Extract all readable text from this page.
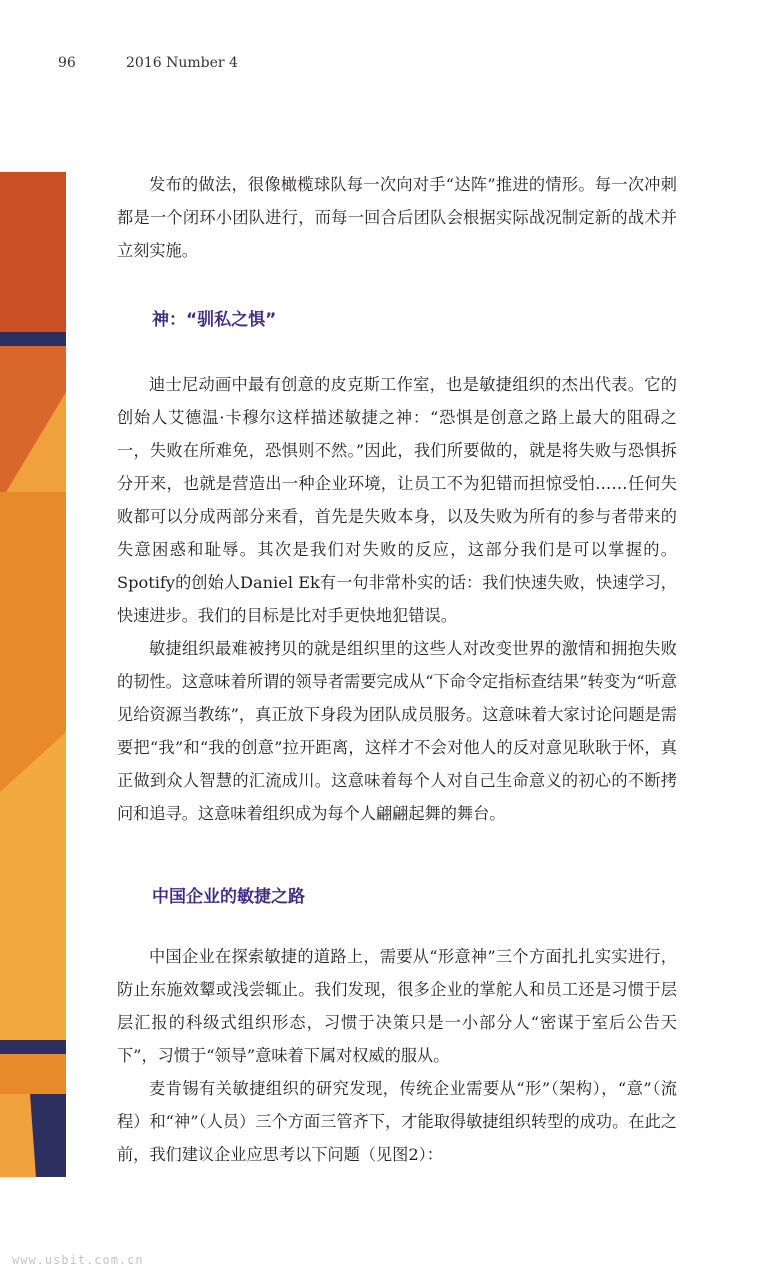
96	2016 Number 4

发布的做法，很像橄榄球队每一次向对手“达阵”推进的情形。每一次冲刺都是一个闭环小团队进行，而每一回合后团队会根据实际战况制定新的战术并立刻实施。

神：“驯私之惧”

迪士尼动画中最有创意的皮克斯工作室，也是敏捷组织的杰出代表。它的创始人艾德温·卡穆尔这样描述敏捷之神：“恐惧是创意之路上最大的阻碍之一，失败在所难免，恐惧则不然。”因此，我们所要做的，就是将失败与恐惧拆分开来，也就是营造出一种企业环境，让员工不为犯错而担惊受怕……任何失败都可以分成两部分来看，首先是失败本身，以及失败为所有的参与者带来的失意困惑和耻辱。其次是我们对失败的反应，这部分我们是可以掌握的。Spotify的创始人Daniel Ek有一句非常朴实的话：我们快速失败，快速学习，快速进步。我们的目标是比对手更快地犯错误。

敏捷组织最难被拷贝的就是组织里的这些人对改变世界的激情和拥抱失败的韧性。这意味着所谓的领导者需要完成从“下命令定指标查结果”转变为“听意见给资源当教练”，真正放下身段为团队成员服务。这意味着大家讨论问题是需要把“我”和“我的创意”拉开距离，这样才不会对他人的反对意见耿耿于怀，真正做到众人智慧的汇流成川。这意味着每个人对自己生命意义的初心的不断拷问和追寻。这意味着组织成为每个人翩翩起舞的舞台。

中国企业的敏捷之路

中国企业在探索敏捷的道路上，需要从“形意神”三个方面扎扎实实进行，防止东施效颦或浅尝辄止。我们发现，很多企业的掌舵人和员工还是习惯于层层汇报的科级式组织形态，习惯于决策只是一小部分人“密谋于室后公告天下”，习惯于“领导”意味着下属对权威的服从。

麦肯锡有关敏捷组织的研究发现，传统企业需要从“形”（架构），“意”（流程）和“神”（人员）三个方面三管齐下，才能取得敏捷组织转型的成功。在此之前，我们建议企业应思考以下问题（见图2）：

www.usbit.com.cn
